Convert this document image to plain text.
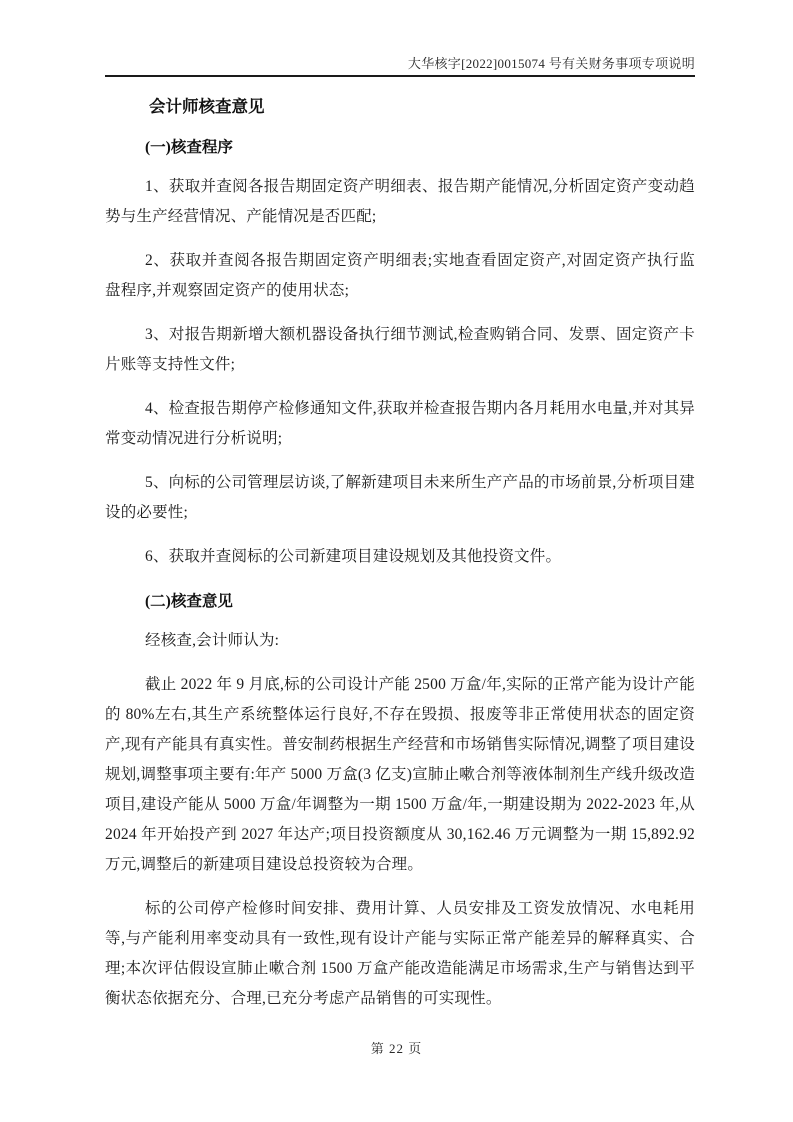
大华核字[2022]0015074 号有关财务事项专项说明
会计师核查意见
(一)核查程序

1、获取并查阅各报告期固定资产明细表、报告期产能情况,分析固定资产变动趋势与生产经营情况、产能情况是否匹配;

2、获取并查阅各报告期固定资产明细表;实地查看固定资产,对固定资产执行监盘程序,并观察固定资产的使用状态;

3、对报告期新增大额机器设备执行细节测试,检查购销合同、发票、固定资产卡片账等支持性文件;

4、检查报告期停产检修通知文件,获取并检查报告期内各月耗用水电量,并对其异常变动情况进行分析说明;

5、向标的公司管理层访谈,了解新建项目未来所生产产品的市场前景,分析项目建设的必要性;

6、获取并查阅标的公司新建项目建设规划及其他投资文件。

(二)核查意见

经核查,会计师认为:

截止 2022 年 9 月底,标的公司设计产能 2500 万盒/年,实际的正常产能为设计产能的 80%左右,其生产系统整体运行良好,不存在毁损、报废等非正常使用状态的固定资产,现有产能具有真实性。普安制药根据生产经营和市场销售实际情况,调整了项目建设规划,调整事项主要有:年产 5000 万盒(3 亿支)宣肺止嗽合剂等液体制剂生产线升级改造项目,建设产能从 5000 万盒/年调整为一期 1500 万盒/年,一期建设期为 2022-2023 年,从 2024 年开始投产到 2027 年达产;项目投资额度从 30,162.46 万元调整为一期 15,892.92 万元,调整后的新建项目建设总投资较为合理。

标的公司停产检修时间安排、费用计算、人员安排及工资发放情况、水电耗用等,与产能利用率变动具有一致性,现有设计产能与实际正常产能差异的解释真实、合理;本次评估假设宣肺止嗽合剂 1500 万盒产能改造能满足市场需求,生产与销售达到平衡状态依据充分、合理,已充分考虑产品销售的可实现性。

第 22 页
